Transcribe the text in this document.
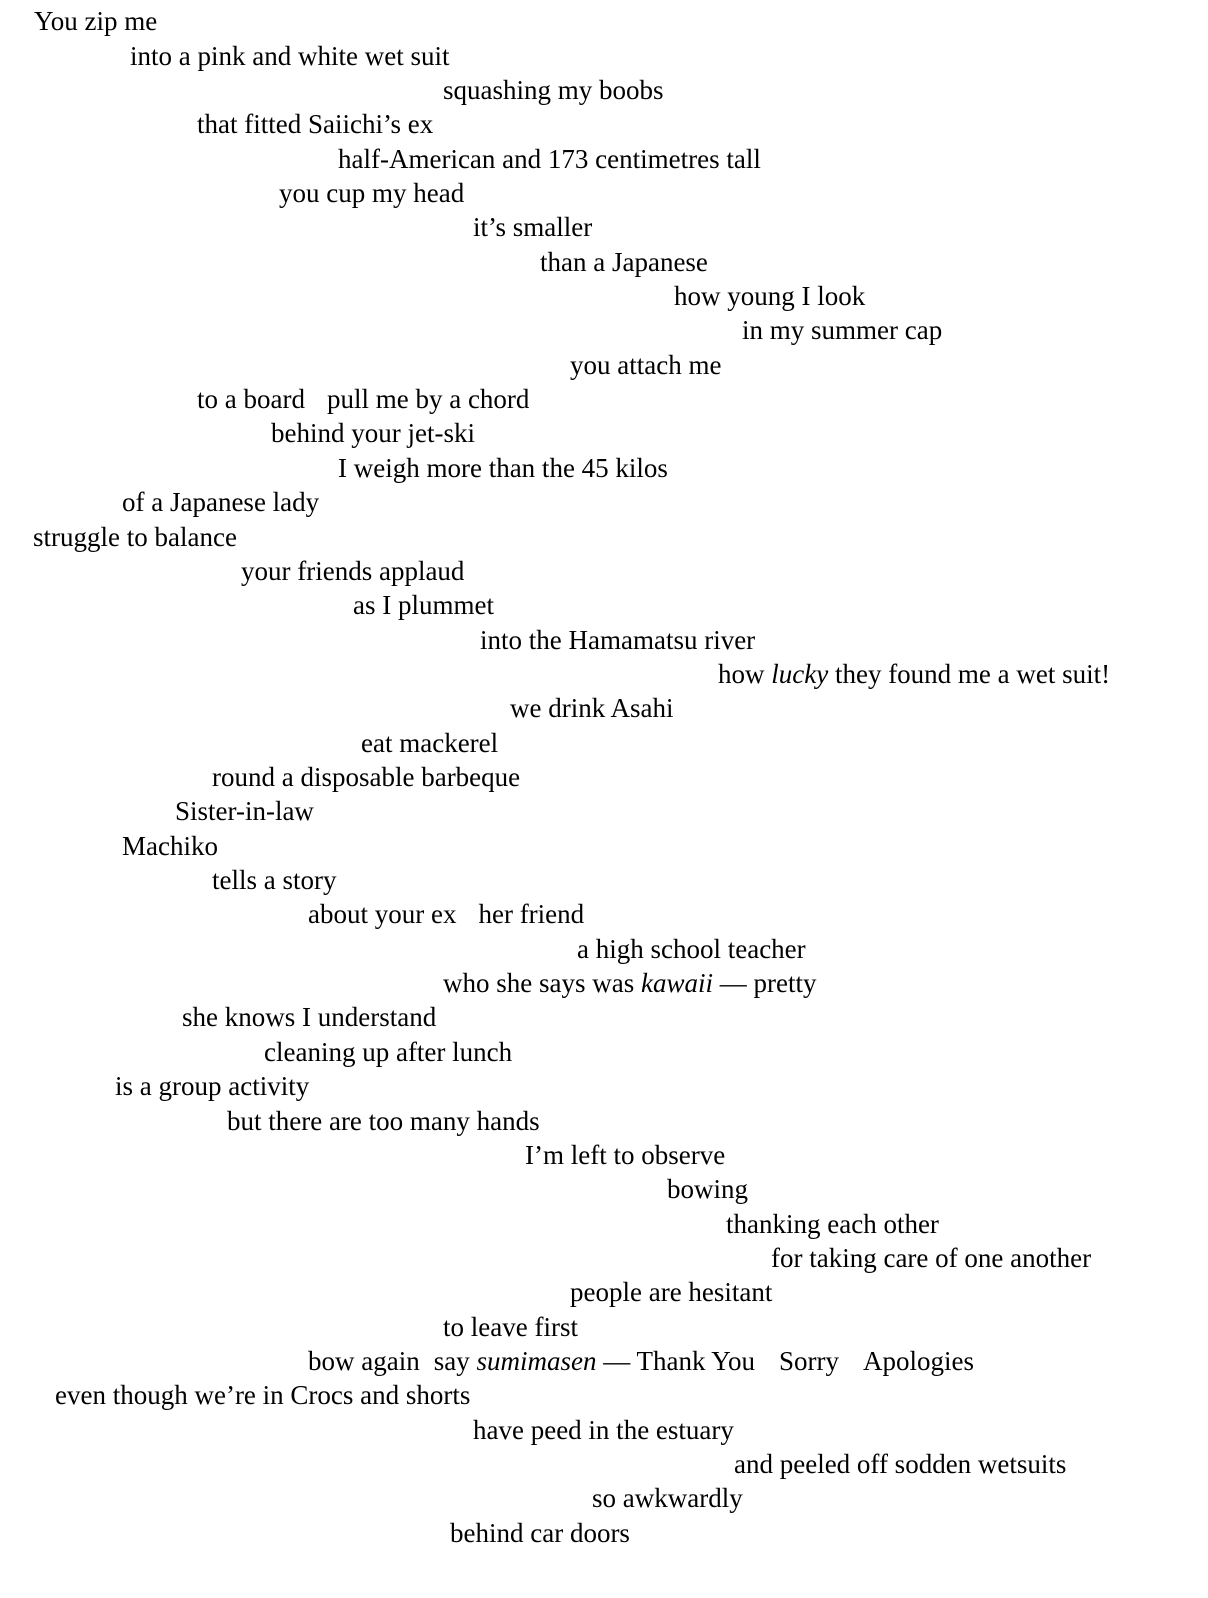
You zip me
into a pink and white wet suit
squashing my boobs
that fitted Saiichi’s ex
half-American and 173 centimetres tall
you cup my head
it’s smaller
than a Japanese
how young I look
in my summer cap
you attach me
to a board pull me by a chord
behind your jet-ski
I weigh more than the 45 kilos
of a Japanese lady
struggle to balance
your friends applaud
as I plummet
into the Hamamatsu river
how lucky they found me a wet suit!
we drink Asahi
eat mackerel
round a disposable barbeque
Sister-in-law
Machiko
tells a story
about your ex her friend
a high school teacher
who she says was kawaii — pretty
she knows I understand
cleaning up after lunch
is a group activity
but there are too many hands
I’m left to observe
bowing
thanking each other
for taking care of one another
people are hesitant
to leave first
bow again say sumimasen — Thank You Sorry Apologies
even though we’re in Crocs and shorts
have peed in the estuary
and peeled off sodden wetsuits
so awkwardly
behind car doors
